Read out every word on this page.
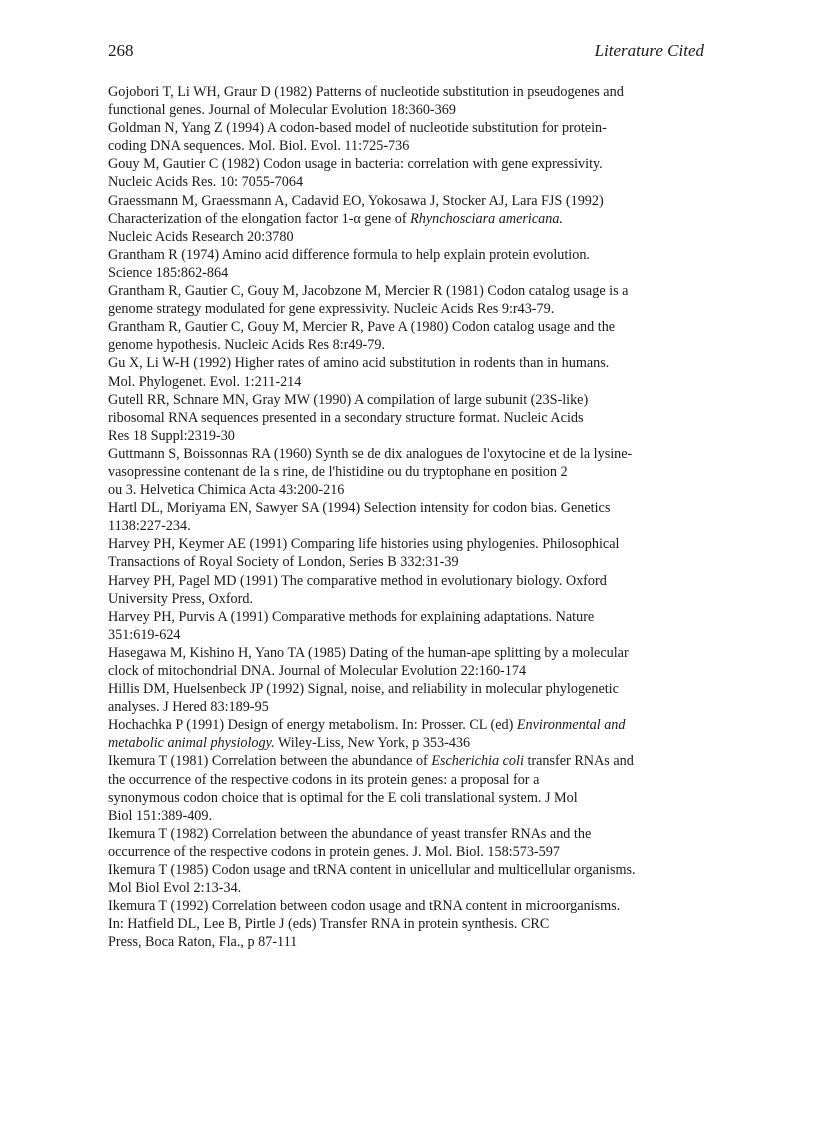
268	Literature Cited

Gojobori T, Li WH, Graur D (1982) Patterns of nucleotide substitution in pseudogenes and
functional genes. Journal of Molecular Evolution 18:360-369

Goldman N, Yang Z (1994) A codon-based model of nucleotide substitution for protein-
coding DNA sequences. Mol. Biol. Evol. 11:725-736

Gouy M, Gautier C (1982) Codon usage in bacteria: correlation with gene expressivity.
Nucleic Acids Res. 10: 7055-7064

Graessmann M, Graessmann A, Cadavid EO, Yokosawa J, Stocker AJ, Lara FJS (1992)
Characterization of the elongation factor 1-α gene of Rhynchosciara americana.
Nucleic Acids Research 20:3780

Grantham R (1974) Amino acid difference formula to help explain protein evolution.
Science 185:862-864

Grantham R, Gautier C, Gouy M, Jacobzone M, Mercier R (1981) Codon catalog usage is a
genome strategy modulated for gene expressivity. Nucleic Acids Res 9:r43-79.

Grantham R, Gautier C, Gouy M, Mercier R, Pave A (1980) Codon catalog usage and the
genome hypothesis. Nucleic Acids Res 8:r49-79.

Gu X, Li W-H (1992) Higher rates of amino acid substitution in rodents than in humans.
Mol. Phylogenet. Evol. 1:211-214

Gutell RR, Schnare MN, Gray MW (1990) A compilation of large subunit (23S-like)
ribosomal RNA sequences presented in a secondary structure format. Nucleic Acids
Res 18 Suppl:2319-30

Guttmann S, Boissonnas RA (1960) Synth se de dix analogues de l'oxytocine et de la lysine-
vasopressine contenant de la s rine, de l'histidine ou du tryptophane en position 2
ou 3. Helvetica Chimica Acta 43:200-216

Hartl DL, Moriyama EN, Sawyer SA (1994) Selection intensity for codon bias. Genetics
1138:227-234.

Harvey PH, Keymer AE (1991) Comparing life histories using phylogenies. Philosophical
Transactions of Royal Society of London, Series B 332:31-39

Harvey PH, Pagel MD (1991) The comparative method in evolutionary biology. Oxford
University Press, Oxford.

Harvey PH, Purvis A (1991) Comparative methods for explaining adaptations. Nature
351:619-624

Hasegawa M, Kishino H, Yano TA (1985) Dating of the human-ape splitting by a molecular
clock of mitochondrial DNA. Journal of Molecular Evolution 22:160-174

Hillis DM, Huelsenbeck JP (1992) Signal, noise, and reliability in molecular phylogenetic
analyses. J Hered 83:189-95

Hochachka P (1991) Design of energy metabolism. In: Prosser. CL (ed) Environmental and
metabolic animal physiology. Wiley-Liss, New York, p 353-436

Ikemura T (1981) Correlation between the abundance of Escherichia coli transfer RNAs and
the occurrence of the respective codons in its protein genes: a proposal for a
synonymous codon choice that is optimal for the E coli translational system. J Mol
Biol 151:389-409.

Ikemura T (1982) Correlation between the abundance of yeast transfer RNAs and the
occurrence of the respective codons in protein genes. J. Mol. Biol. 158:573-597

Ikemura T (1985) Codon usage and tRNA content in unicellular and multicellular organisms.
Mol Biol Evol 2:13-34.

Ikemura T (1992) Correlation between codon usage and tRNA content in microorganisms.
In: Hatfield DL, Lee B, Pirtle J (eds) Transfer RNA in protein synthesis. CRC
Press, Boca Raton, Fla., p 87-111
